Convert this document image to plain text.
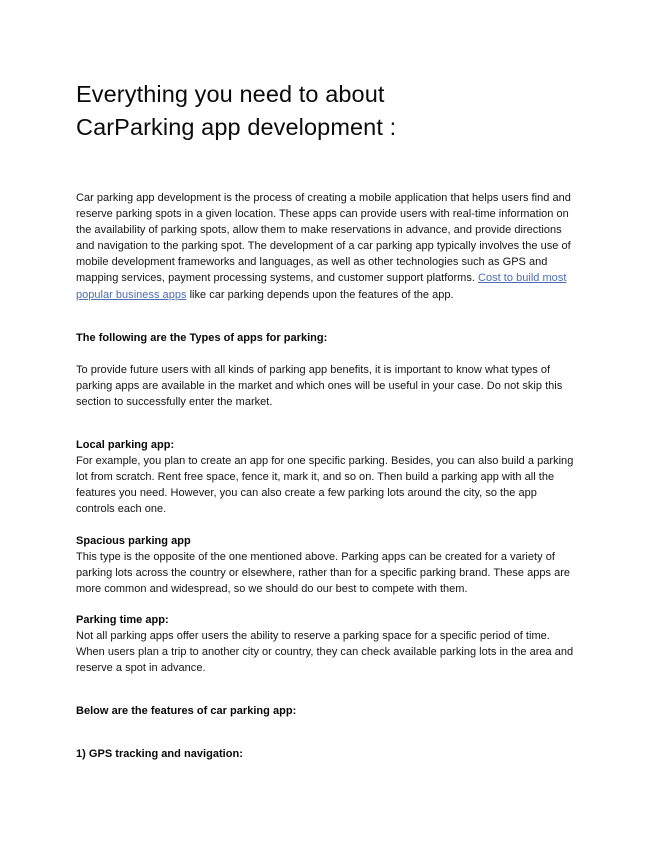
Everything you need to about
CarParking app development :

Car parking app development is the process of creating a mobile application that helps users find and reserve parking spots in a given location. These apps can provide users with real-time information on the availability of parking spots, allow them to make reservations in advance, and provide directions and navigation to the parking spot. The development of a car parking app typically involves the use of mobile development frameworks and languages, as well as other technologies such as GPS and mapping services, payment processing systems, and customer support platforms. Cost to build most popular business apps like car parking depends upon the features of the app.

The following are the Types of apps for parking:

To provide future users with all kinds of parking app benefits, it is important to know what types of parking apps are available in the market and which ones will be useful in your case. Do not skip this section to successfully enter the market.

Local parking app:

For example, you plan to create an app for one specific parking. Besides, you can also build a parking lot from scratch. Rent free space, fence it, mark it, and so on. Then build a parking app with all the features you need. However, you can also create a few parking lots around the city, so the app controls each one.

Spacious parking app

This type is the opposite of the one mentioned above. Parking apps can be created for a variety of parking lots across the country or elsewhere, rather than for a specific parking brand. These apps are more common and widespread, so we should do our best to compete with them.

Parking time app:

Not all parking apps offer users the ability to reserve a parking space for a specific period of time. When users plan a trip to another city or country, they can check available parking lots in the area and reserve a spot in advance.

Below are the features of car parking app:
1) GPS tracking and navigation:
